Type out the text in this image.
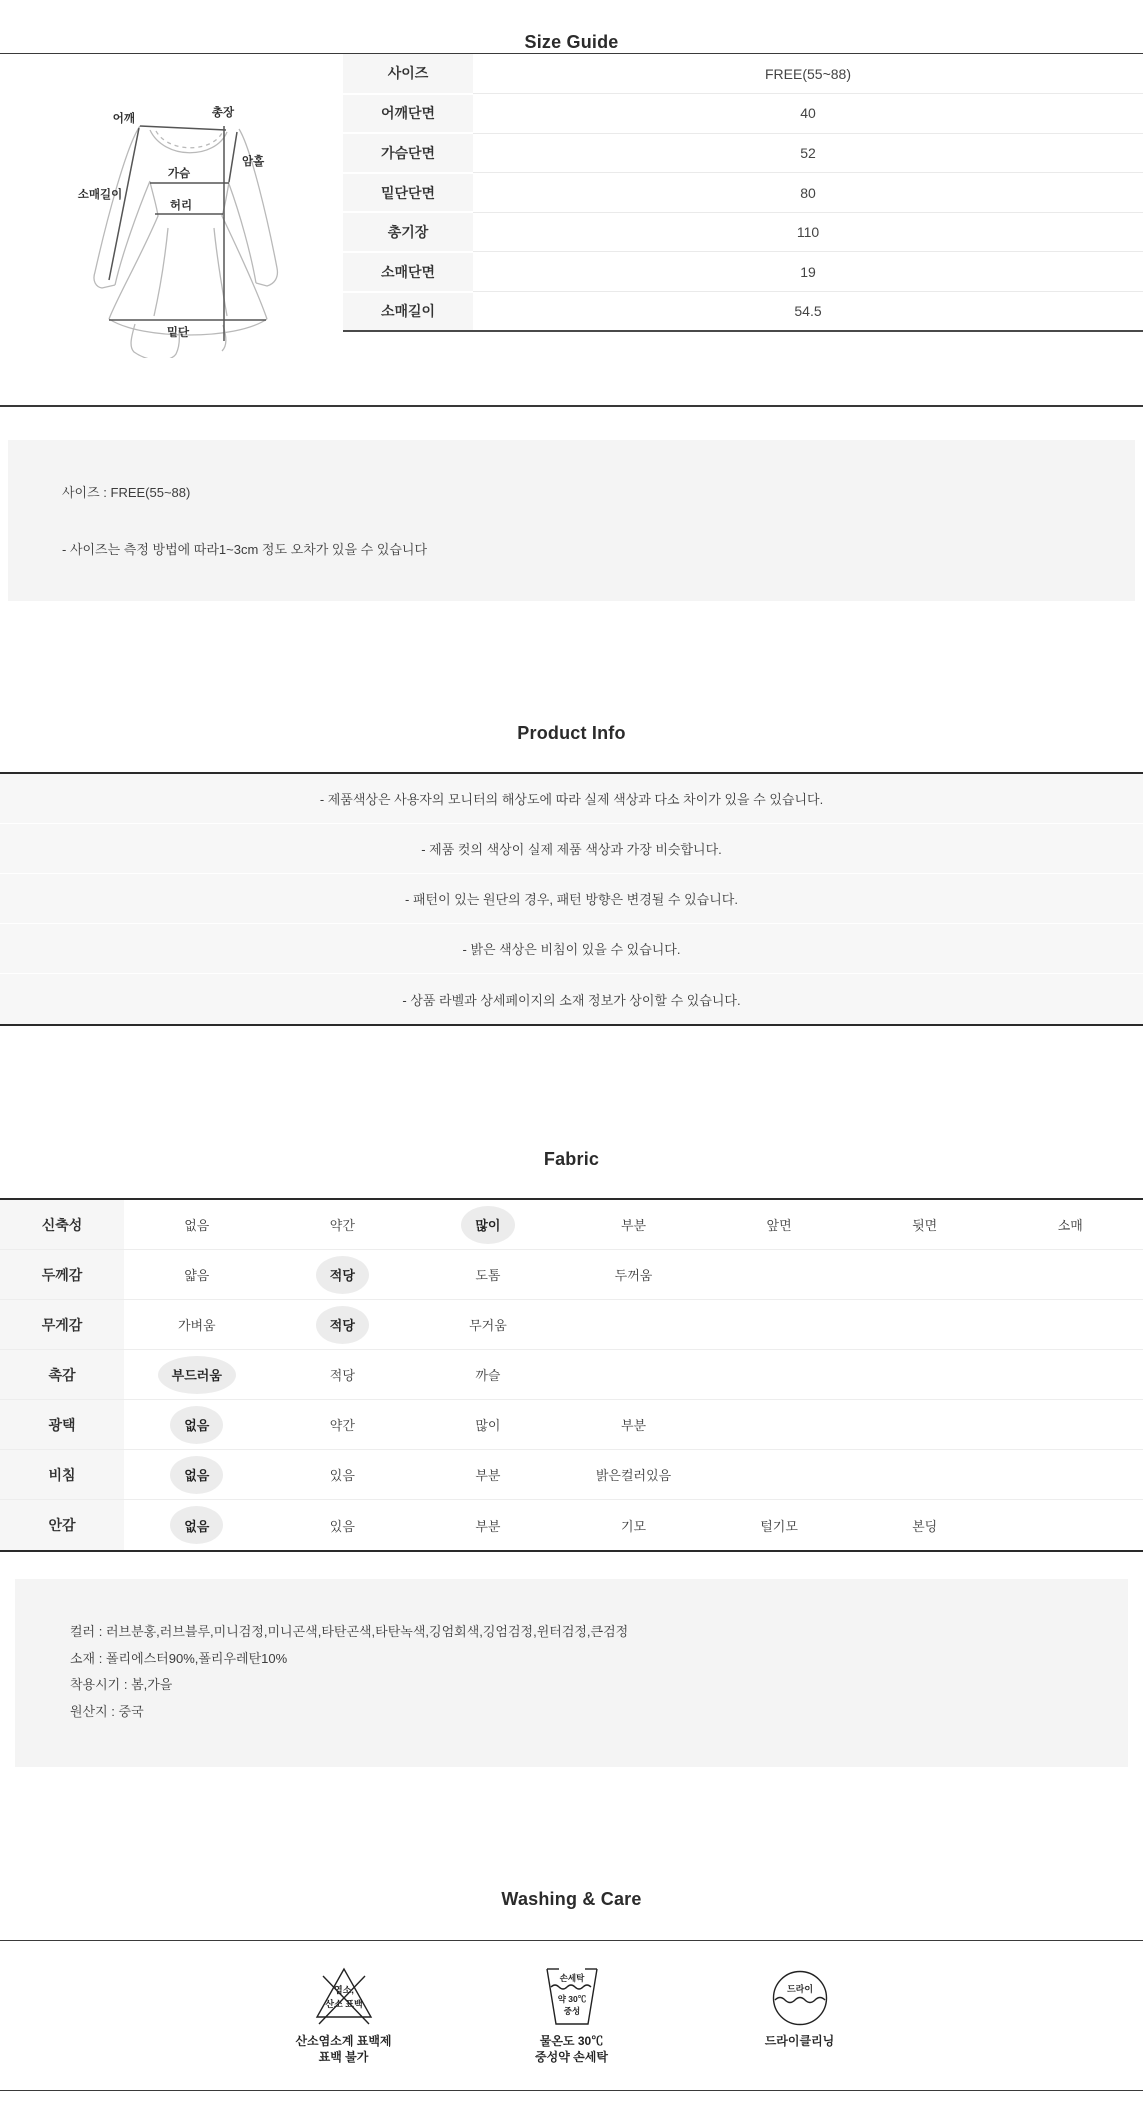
Size Guide
어깨	총장
암홀
가슴
허리
소매길이
밑단
사이즈	FREE(55~88)
어깨단면	40
가슴단면	52
밑단단면	80
총기장	110
소매단면	19
소매길이	54.5

사이즈 : FREE(55~88)

- 사이즈는 측정 방법에 따라1~3cm 정도 오차가 있을 수 있습니다

Product Info
- 제품색상은 사용자의 모니터의 해상도에 따라 실제 색상과 다소 차이가 있을 수 있습니다.
- 제품 컷의 색상이 실제 제품 색상과 가장 비슷합니다.
- 패턴이 있는 원단의 경우, 패턴 방향은 변경될 수 있습니다.
- 밝은 색상은 비침이 있을 수 있습니다.
- 상품 라벨과 상세페이지의 소재 정보가 상이할 수 있습니다.
Fabric
신축성	없음	약간	많이	부분	앞면	뒷면	소매
두께감	얇음	적당	도톰	두꺼움
무게감	가벼움	적당	무거움
촉감	부드러움	적당	까슬
광택	없음	약간	많이	부분
비침	없음	있음	부분	밝은컬러있음
안감	없음	있음	부분	기모	털기모	본딩

컬러 : 러브분홍,러브블루,미니검정,미니곤색,타탄곤색,타탄녹색,깅엄회색,깅엄검정,윈터검정,큰검정

소재 : 폴리에스터90%,폴리우레탄10%

착용시기 : 봄,가을

원산지 : 중국

Washing & Care
염소,
산소 표백
산소염소계 표백제
표백 불가
손세탁
약 30℃
중성
물온도 30℃
중성약 손세탁
드라이
드라이클리닝
